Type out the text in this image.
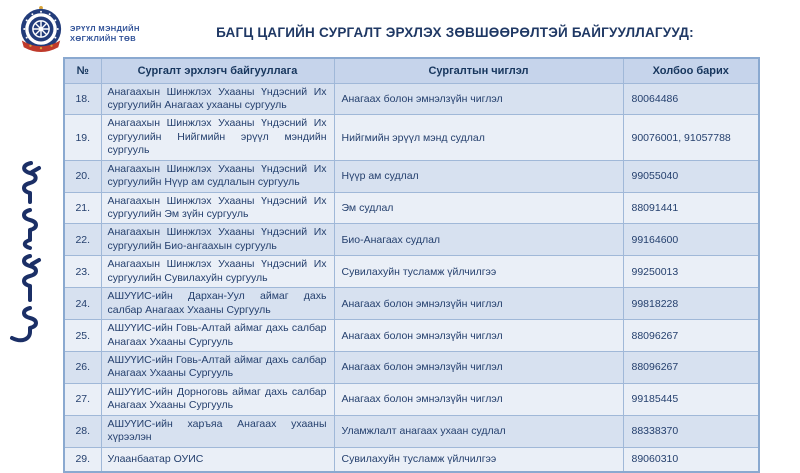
ЭРҮҮЛ МЭНДИЙН
ХӨГЖЛИЙН ТӨВ	БАГЦ ЦАГИЙН СУРГАЛТ ЭРХЛЭХ ЗӨВШӨӨРӨЛТЭЙ БАЙГУУЛЛАГУУД:
№	Сургалт эрхлэгч байгууллага	Сургалтын чиглэл	Холбоо барих
18.	Анагаахын Шинжлэх Ухааны Үндэсний Их сургуулийн Анагаах ухааны сургууль	Анагаах болон эмнэлзүйн чиглэл	80064486
19.	Анагаахын Шинжлэх Ухааны Үндэсний Их сургуулийн Нийгмийн эрүүл мэндийн сургууль	Нийгмийн эрүүл мэнд судлал	90076001, 91057788
20.	Анагаахын Шинжлэх Ухааны Үндэсний Их сургуулийн Нүүр ам судлалын сургууль	Нүүр ам судлал	99055040
21.	Анагаахын Шинжлэх Ухааны Үндэсний Их сургуулийн Эм зүйн сургууль	Эм судлал	88091441
22.	Анагаахын Шинжлэх Ухааны Үндэсний Их сургуулийн Био-ангаахын сургууль	Био-Анагаах судлал	99164600
23.	Анагаахын Шинжлэх Ухааны Үндэсний Их сургуулийн Сувилахуйн сургууль	Сувилахуйн тусламж үйлчилгээ	99250013
24.	АШУҮИС-ийн Дархан-Уул аймаг дахь салбар Анагаах Ухааны Сургууль	Анагаах болон эмнэлзүйн чиглэл	99818228
25.	АШУҮИС-ийн Говь-Алтай аймаг дахь салбар Анагаах Ухааны Сургууль	Анагаах болон эмнэлзүйн чиглэл	88096267
26.	АШУҮИС-ийн Говь-Алтай аймаг дахь салбар Анагаах Ухааны Сургууль	Анагаах болон эмнэлзүйн чиглэл	88096267
27.	АШУҮИС-ийн Дорноговь аймаг дахь салбар Анагаах Ухааны Сургууль	Анагаах болон эмнэлзүйн чиглэл	99185445
28.	АШУҮИС-ийн харъяа Анагаах ухааны хүрээлэн	Уламжлалт анагаах ухаан судлал	88338370
29.	Улаанбаатар ОУИС	Сувилахуйн тусламж үйлчилгээ	89060310
